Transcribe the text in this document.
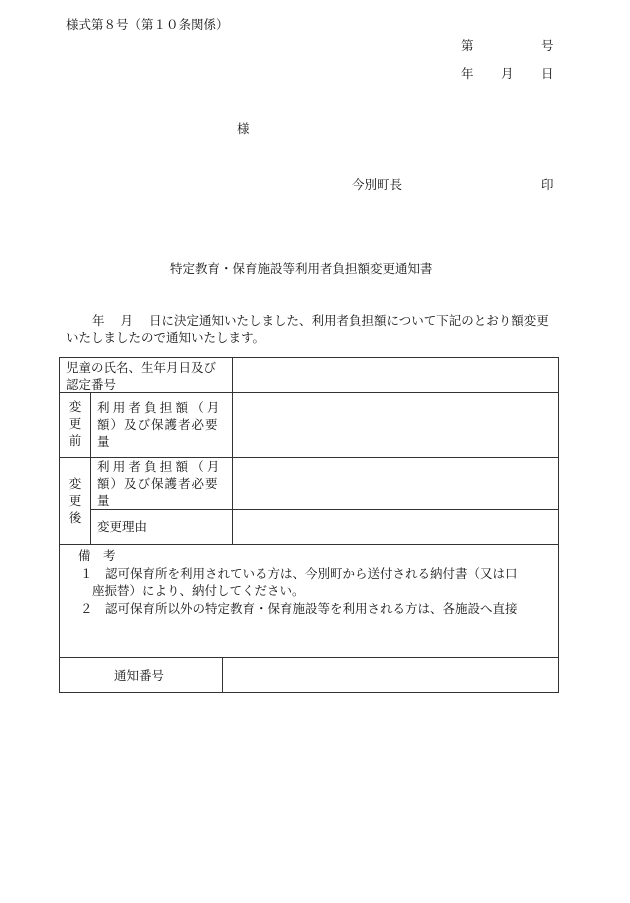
様式第８号（第１０条関係）
第	号
年 月 日
様
今別町長	印
特定教育・保育施設等利用者負担額変更通知書
年 月 日に決定通知いたしました、利用者負担額について下記のとおり額変更いたしましたので通知いたします。
児童の氏名、生年月日及び
認定番号
変
更
前
利用者負担額（月
額）及び保護者必要
量
変
更
後
利用者負担額（月
額）及び保護者必要
量
変更理由
備　考
１ 認可保育所を利用されている方は、今別町から送付される納付書（又は口
座振替）により、納付してください。
２ 認可保育所以外の特定教育・保育施設等を利用される方は、各施設へ直接
通知番号
